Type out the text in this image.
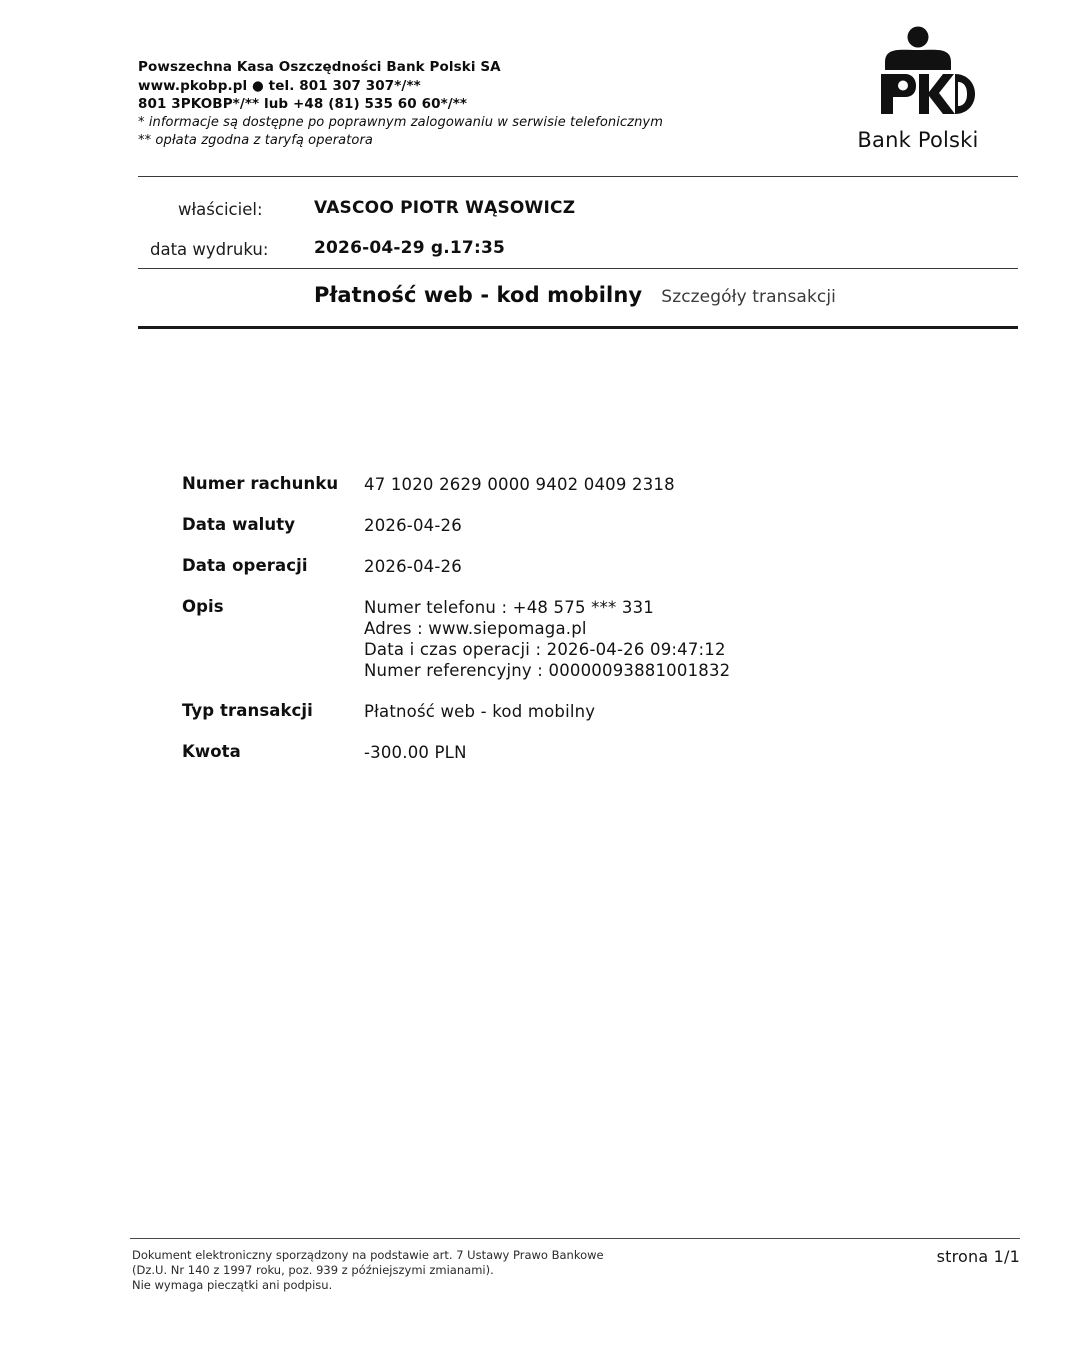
Powszechna Kasa Oszczędności Bank Polski SA
www.pkobp.pl ● tel. 801 307 307*/**
801 3PKOBP*/** lub +48 (81) 535 60 60*/**
* informacje są dostępne po poprawnym zalogowaniu w serwisie telefonicznym
** opłata zgodna z taryfą operatora	Bank Polski
właściciel:	VASCOO PIOTR WĄSOWICZ
data wydruku:	2026-04-29 g.17:35
Płatność web - kod mobilny Szczegóły transakcji
Numer rachunku	47 1020 2629 0000 9402 0409 2318
Data waluty	2026-04-26
Data operacji	2026-04-26
Opis	Numer telefonu : +48 575 *** 331
Adres : www.siepomaga.pl
Data i czas operacji : 2026-04-26 09:47:12
Numer referencyjny : 00000093881001832
Typ transakcji	Płatność web - kod mobilny
Kwota	-300.00 PLN
Dokument elektroniczny sporządzony na podstawie art. 7 Ustawy Prawo Bankowe
(Dz.U. Nr 140 z 1997 roku, poz. 939 z późniejszymi zmianami).
Nie wymaga pieczątki ani podpisu.
strona 1/1
